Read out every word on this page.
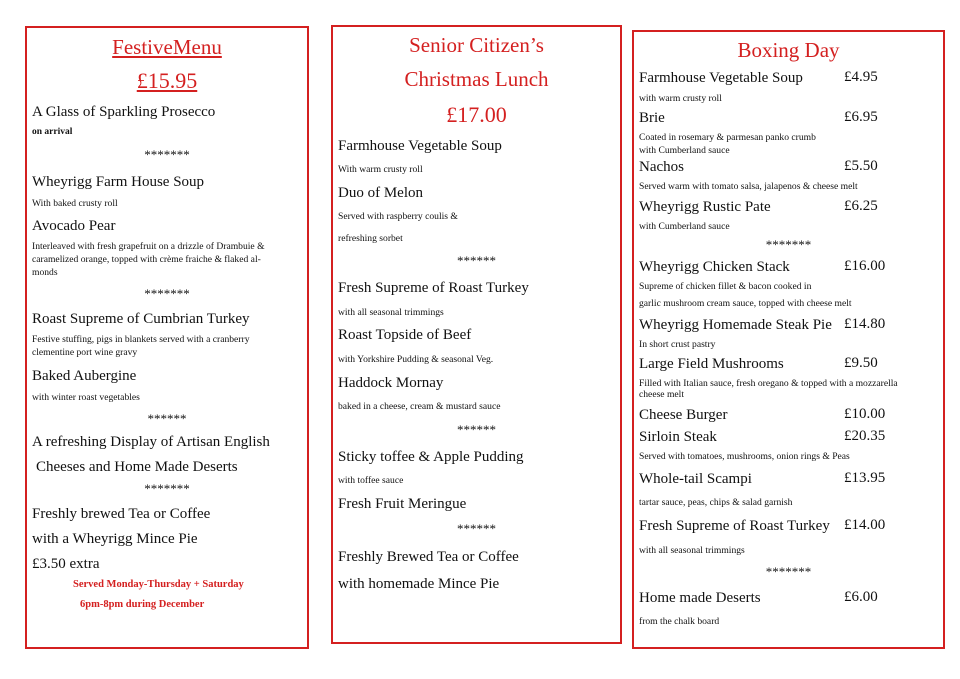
FestiveMenu
£15.95
A Glass of Sparkling Prosecco
on arrival
*******
Wheyrigg Farm House Soup
With baked crusty roll
Avocado Pear
Interleaved with fresh grapefruit on a drizzle of Drambuie &
caramelized orange, topped with crème fraiche & flaked al-
monds
*******
Roast Supreme of Cumbrian Turkey
Festive stuffing, pigs in blankets served with a cranberry
clementine port wine gravy
Baked Aubergine
with winter roast vegetables
******
A refreshing Display of Artisan English
Cheeses and Home Made Deserts
*******
Freshly brewed Tea or Coffee
with a Wheyrigg Mince Pie
£3.50 extra
Served Monday-Thursday + Saturday
6pm-8pm during December
Senior Citizen’s
Christmas Lunch
£17.00
Farmhouse Vegetable Soup
With warm crusty roll
Duo of Melon
Served with raspberry coulis &
refreshing sorbet
******
Fresh Supreme of Roast Turkey
with all seasonal trimmings
Roast Topside of Beef
with Yorkshire Pudding & seasonal Veg.
Haddock Mornay
baked in a cheese, cream & mustard sauce
******
Sticky toffee & Apple Pudding
with toffee sauce
Fresh Fruit Meringue
******
Freshly Brewed Tea or Coffee
with homemade Mince Pie
Boxing Day
Farmhouse Vegetable Soup	£4.95
with warm crusty roll
Brie	£6.95
Coated in rosemary & parmesan panko crumb
with Cumberland sauce
Nachos	£5.50
Served warm with tomato salsa, jalapenos & cheese melt
Wheyrigg Rustic Pate	£6.25
with Cumberland sauce
*******
Wheyrigg Chicken Stack	£16.00
Supreme of chicken fillet & bacon cooked in
garlic mushroom cream sauce, topped with cheese melt
Wheyrigg Homemade Steak Pie £14.80
In short crust pastry
Large Field Mushrooms	£9.50
Filled with Italian sauce, fresh oregano & topped with a mozzarella
cheese melt
Cheese Burger	£10.00
Sirloin Steak	£20.35
Served with tomatoes, mushrooms, onion rings & Peas
Whole-tail Scampi	£13.95
tartar sauce, peas, chips & salad garnish
Fresh Supreme of Roast Turkey £14.00
with all seasonal trimmings
*******
Home made Deserts	£6.00
from the chalk board
